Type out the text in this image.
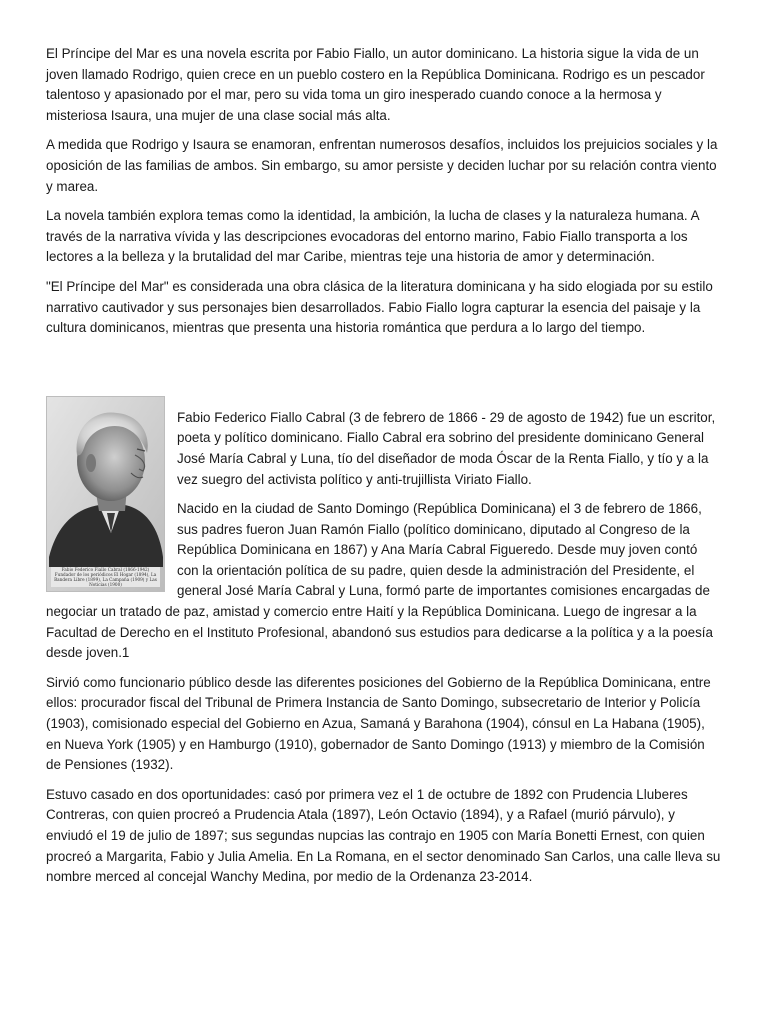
El Príncipe del Mar es una novela escrita por Fabio Fiallo, un autor dominicano. La historia sigue la vida de un joven llamado Rodrigo, quien crece en un pueblo costero en la República Dominicana. Rodrigo es un pescador talentoso y apasionado por el mar, pero su vida toma un giro inesperado cuando conoce a la hermosa y misteriosa Isaura, una mujer de una clase social más alta.

A medida que Rodrigo y Isaura se enamoran, enfrentan numerosos desafíos, incluidos los prejuicios sociales y la oposición de las familias de ambos. Sin embargo, su amor persiste y deciden luchar por su relación contra viento y marea.

La novela también explora temas como la identidad, la ambición, la lucha de clases y la naturaleza humana. A través de la narrativa vívida y las descripciones evocadoras del entorno marino, Fabio Fiallo transporta a los lectores a la belleza y la brutalidad del mar Caribe, mientras teje una historia de amor y determinación.

"El Príncipe del Mar" es considerada una obra clásica de la literatura dominicana y ha sido elogiada por su estilo narrativo cautivador y sus personajes bien desarrollados. Fabio Fiallo logra capturar la esencia del paisaje y la cultura dominicanos, mientras que presenta una historia romántica que perdura a lo largo del tiempo.

Fabio Federico Fiallo Cabral (1866-1942) Fundador de los periódicos El Hogar (1894), La Bandera Libre (1899), La Campaña (1909) y Las Noticias (1900)

Fabio Federico Fiallo Cabral (3 de febrero de 1866 - 29 de agosto de 1942) fue un escritor, poeta y político dominicano. Fiallo Cabral era sobrino del presidente dominicano General José María Cabral y Luna, tío del diseñador de moda Óscar de la Renta Fiallo, y tío y a la vez suegro del activista político y anti-trujillista Viriato Fiallo.

Nacido en la ciudad de Santo Domingo (República Dominicana) el 3 de febrero de 1866, sus padres fueron Juan Ramón Fiallo (político dominicano, diputado al Congreso de la República Dominicana en 1867) y Ana María Cabral Figueredo. Desde muy joven contó con la orientación política de su padre, quien desde la administración del Presidente, el general José María Cabral y Luna, formó parte de importantes comisiones encargadas de negociar un tratado de paz, amistad y comercio entre Haití y la República Dominicana. Luego de ingresar a la Facultad de Derecho en el Instituto Profesional, abandonó sus estudios para dedicarse a la política y a la poesía desde joven.1

Sirvió como funcionario público desde las diferentes posiciones del Gobierno de la República Dominicana, entre ellos: procurador fiscal del Tribunal de Primera Instancia de Santo Domingo, subsecretario de Interior y Policía (1903), comisionado especial del Gobierno en Azua, Samaná y Barahona (1904), cónsul en La Habana (1905), en Nueva York (1905) y en Hamburgo (1910), gobernador de Santo Domingo (1913) y miembro de la Comisión de Pensiones (1932).

Estuvo casado en dos oportunidades: casó por primera vez el 1 de octubre de 1892 con Prudencia Lluberes Contreras, con quien procreó a Prudencia Atala (1897), León Octavio (1894), y a Rafael (murió párvulo), y enviudó el 19 de julio de 1897; sus segundas nupcias las contrajo en 1905 con María Bonetti Ernest, con quien procreó a Margarita, Fabio y Julia Amelia. En La Romana, en el sector denominado San Carlos, una calle lleva su nombre merced al concejal Wanchy Medina, por medio de la Ordenanza 23-2014.
